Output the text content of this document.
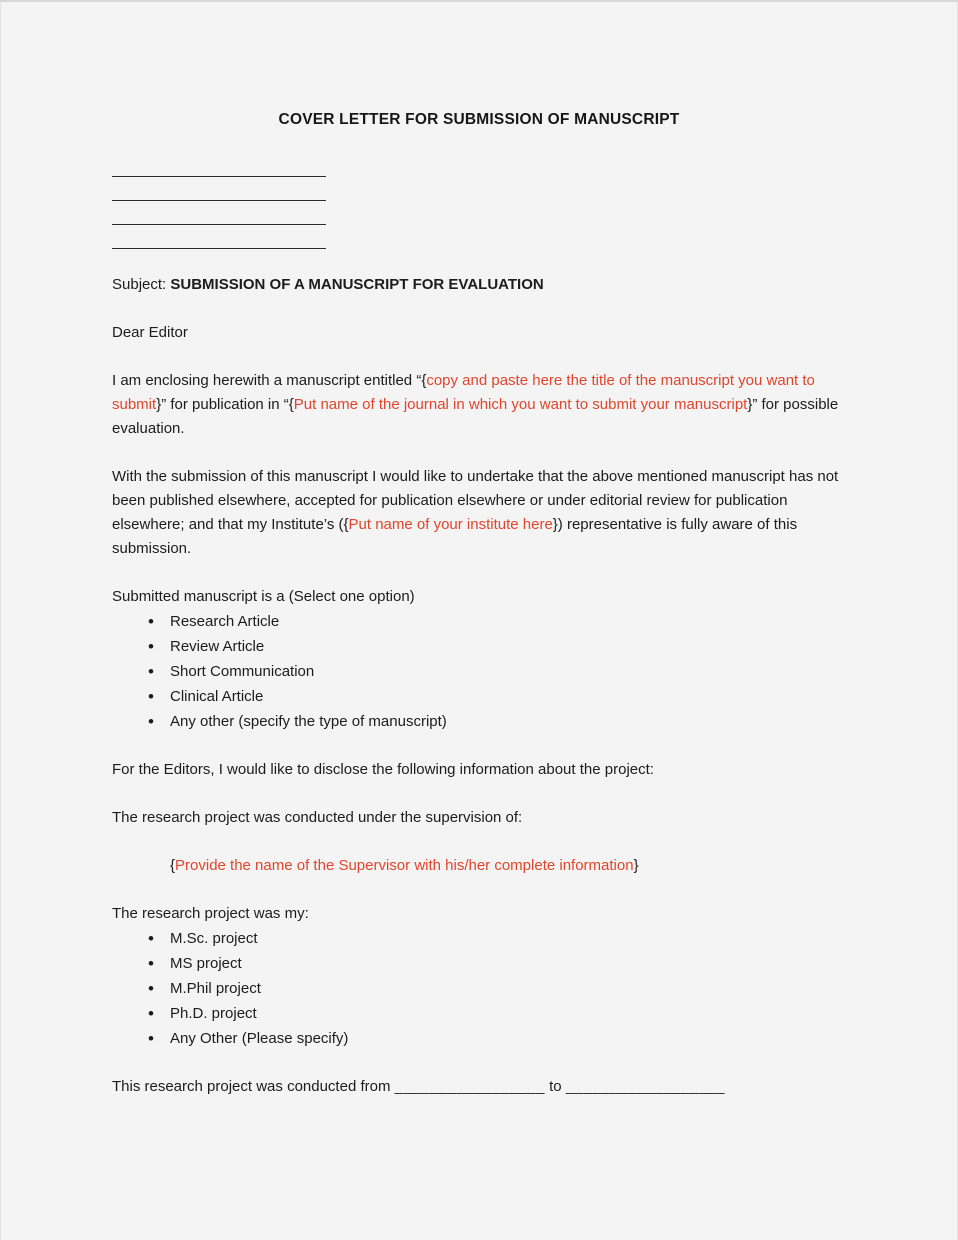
COVER LETTER FOR SUBMISSION OF MANUSCRIPT

Subject: SUBMISSION OF A MANUSCRIPT FOR EVALUATION

Dear Editor

I am enclosing herewith a manuscript entitled “{copy and paste here the title of the manuscript you want to submit}” for publication in “{Put name of the journal in which you want to submit your manuscript}” for possible evaluation.

With the submission of this manuscript I would like to undertake that the above mentioned manuscript has not been published elsewhere, accepted for publication elsewhere or under editorial review for publication elsewhere; and that my Institute’s ({Put name of your institute here}) representative is fully aware of this submission.

Submitted manuscript is a (Select one option)

• Research Article
• Review Article
• Short Communication
• Clinical Article
• Any other (specify the type of manuscript)

For the Editors, I would like to disclose the following information about the project:

The research project was conducted under the supervision of:

{Provide the name of the Supervisor with his/her complete information}

The research project was my:

• M.Sc. project
• MS project
• M.Phil project
• Ph.D. project
• Any Other (Please specify)

This research project was conducted from _________________ to __________________
